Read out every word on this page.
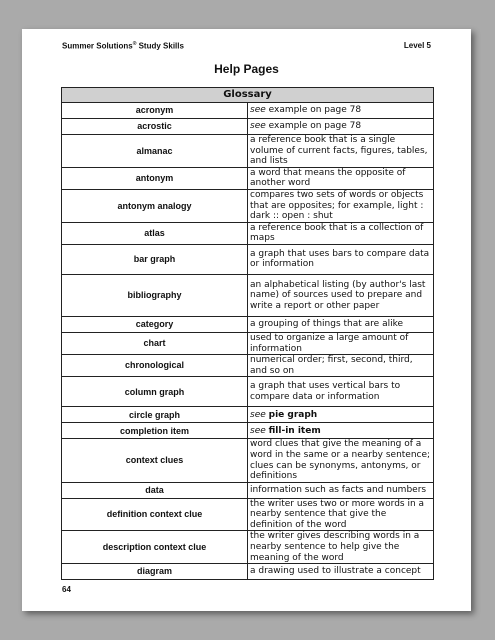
Summer Solutions® Study Skills	Level 5
Help Pages
Glossary	
acronym	see example on page 78
acrostic	see example on page 78
almanac	a reference book that is a single volume of current facts, figures, tables, and lists
antonym	a word that means the opposite of another word
antonym analogy	compares two sets of words or objects that are opposites; for example, light : dark :: open : shut
atlas	a reference book that is a collection of maps
bar graph	a graph that uses bars to compare data or information
bibliography	an alphabetical listing (by author's last name) of sources used to prepare and write a report or other paper
category	a grouping of things that are alike
chart	used to organize a large amount of information
chronological	numerical order; first, second, third, and so on
column graph	a graph that uses vertical bars to compare data or information
circle graph	see pie graph
completion item	see fill-in item
context clues	word clues that give the meaning of a word in the same or a nearby sentence; clues can be synonyms, antonyms, or definitions
data	information such as facts and numbers
definition context clue	the writer uses two or more words in a nearby sentence that give the definition of the word
description context clue	the writer gives describing words in a nearby sentence to help give the meaning of the word
diagram	a drawing used to illustrate a concept
64
